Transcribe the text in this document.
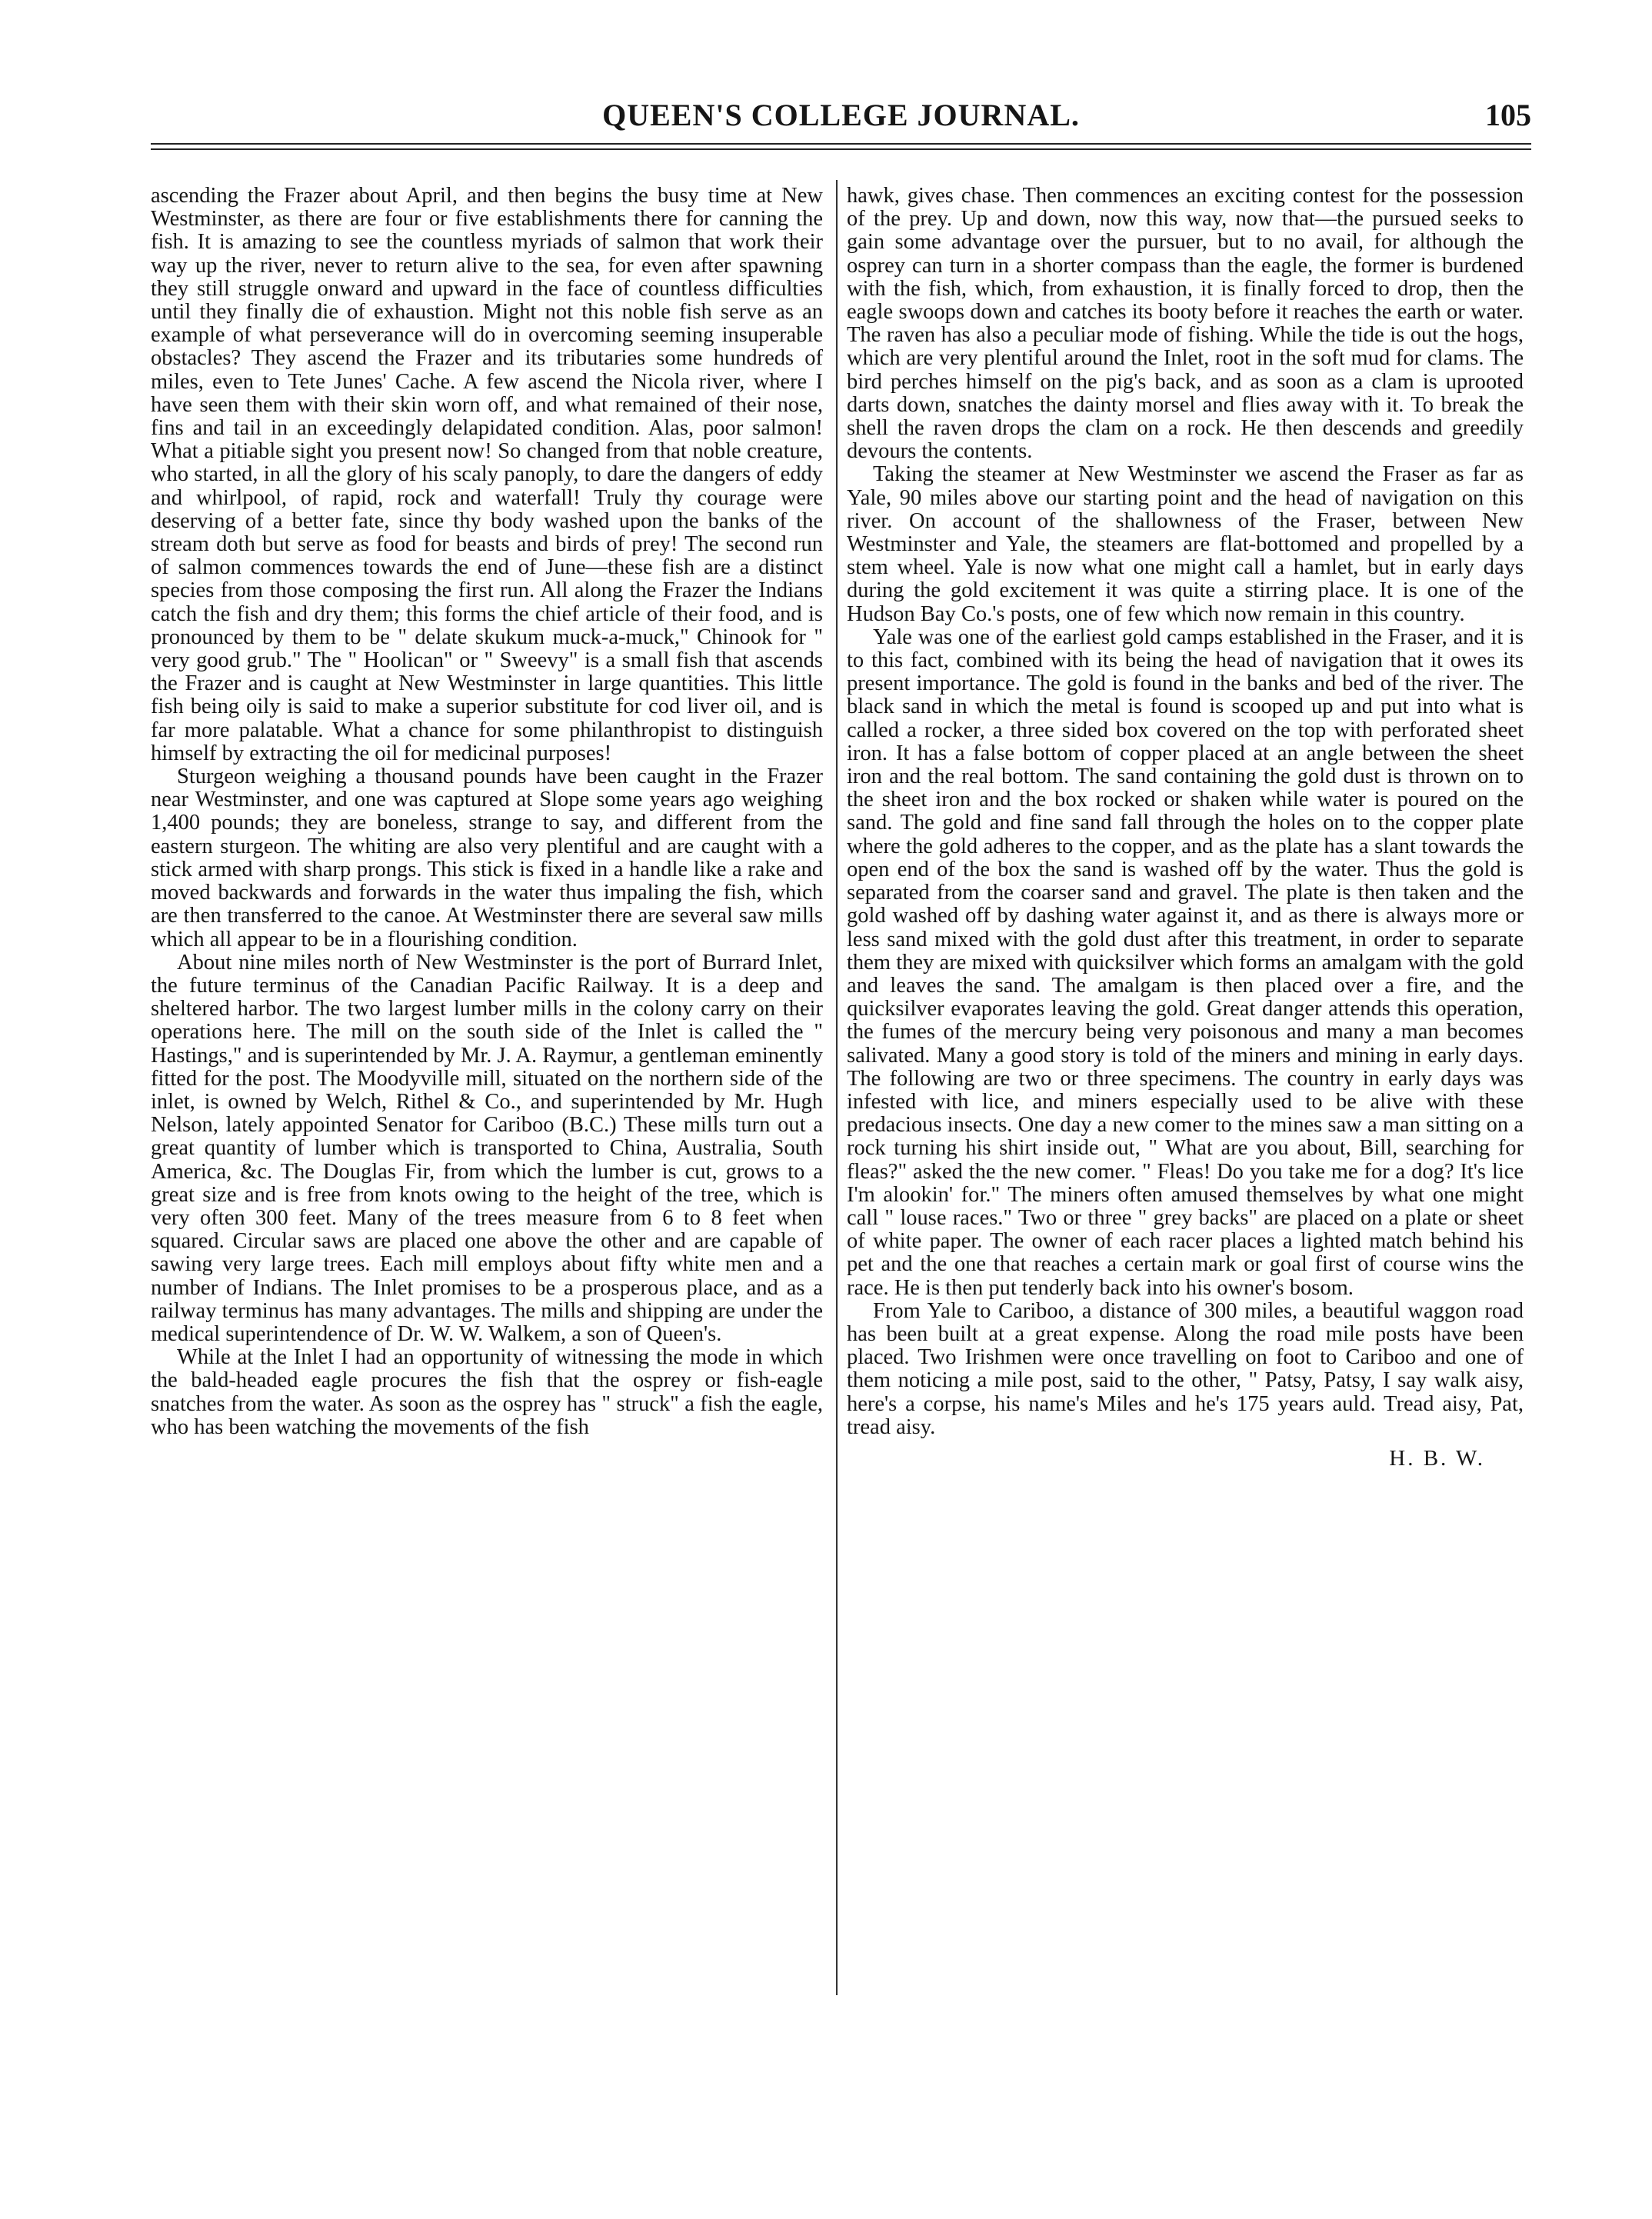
QUEEN'S COLLEGE JOURNAL.	105

ascending the Frazer about April, and then begins the busy time at New Westminster, as there are four or five establishments there for canning the fish. It is amazing to see the countless myriads of salmon that work their way up the river, never to return alive to the sea, for even after spawning they still struggle onward and upward in the face of countless difficulties until they finally die of exhaustion. Might not this noble fish serve as an example of what perseverance will do in overcoming seeming insuperable obstacles? They ascend the Frazer and its tributaries some hundreds of miles, even to Tete Junes' Cache. A few ascend the Nicola river, where I have seen them with their skin worn off, and what remained of their nose, fins and tail in an exceedingly delapidated condition. Alas, poor salmon! What a pitiable sight you present now! So changed from that noble creature, who started, in all the glory of his scaly panoply, to dare the dangers of eddy and whirlpool, of rapid, rock and waterfall! Truly thy courage were deserving of a better fate, since thy body washed upon the banks of the stream doth but serve as food for beasts and birds of prey! The second run of salmon commences towards the end of June—these fish are a distinct species from those composing the first run. All along the Frazer the Indians catch the fish and dry them; this forms the chief article of their food, and is pronounced by them to be " delate skukum muck-a-muck," Chinook for " very good grub." The " Hoolican" or " Sweevy" is a small fish that ascends the Frazer and is caught at New Westminster in large quantities. This little fish being oily is said to make a superior substitute for cod liver oil, and is far more palatable. What a chance for some philanthropist to distinguish himself by extracting the oil for medicinal purposes!

Sturgeon weighing a thousand pounds have been caught in the Frazer near Westminster, and one was captured at Slope some years ago weighing 1,400 pounds; they are boneless, strange to say, and different from the eastern sturgeon. The whiting are also very plentiful and are caught with a stick armed with sharp prongs. This stick is fixed in a handle like a rake and moved backwards and forwards in the water thus impaling the fish, which are then transferred to the canoe. At Westminster there are several saw mills which all appear to be in a flourishing condition.

About nine miles north of New Westminster is the port of Burrard Inlet, the future terminus of the Canadian Pacific Railway. It is a deep and sheltered harbor. The two largest lumber mills in the colony carry on their operations here. The mill on the south side of the Inlet is called the " Hastings," and is superintended by Mr. J. A. Raymur, a gentleman eminently fitted for the post. The Moodyville mill, situated on the northern side of the inlet, is owned by Welch, Rithel & Co., and superintended by Mr. Hugh Nelson, lately appointed Senator for Cariboo (B.C.) These mills turn out a great quantity of lumber which is transported to China, Australia, South America, &c. The Douglas Fir, from which the lumber is cut, grows to a great size and is free from knots owing to the height of the tree, which is very often 300 feet. Many of the trees measure from 6 to 8 feet when squared. Circular saws are placed one above the other and are capable of sawing very large trees. Each mill employs about fifty white men and a number of Indians. The Inlet promises to be a prosperous place, and as a railway terminus has many advantages. The mills and shipping are under the medical superintendence of Dr. W. W. Walkem, a son of Queen's.

While at the Inlet I had an opportunity of witnessing the mode in which the bald-headed eagle procures the fish that the osprey or fish-eagle snatches from the water. As soon as the osprey has " struck" a fish the eagle, who has been watching the movements of the fish

hawk, gives chase. Then commences an exciting contest for the possession of the prey. Up and down, now this way, now that—the pursued seeks to gain some advantage over the pursuer, but to no avail, for although the osprey can turn in a shorter compass than the eagle, the former is burdened with the fish, which, from exhaustion, it is finally forced to drop, then the eagle swoops down and catches its booty before it reaches the earth or water. The raven has also a peculiar mode of fishing. While the tide is out the hogs, which are very plentiful around the Inlet, root in the soft mud for clams. The bird perches himself on the pig's back, and as soon as a clam is uprooted darts down, snatches the dainty morsel and flies away with it. To break the shell the raven drops the clam on a rock. He then descends and greedily devours the contents.

Taking the steamer at New Westminster we ascend the Fraser as far as Yale, 90 miles above our starting point and the head of navigation on this river. On account of the shallowness of the Fraser, between New Westminster and Yale, the steamers are flat-bottomed and propelled by a stem wheel. Yale is now what one might call a hamlet, but in early days during the gold excitement it was quite a stirring place. It is one of the Hudson Bay Co.'s posts, one of few which now remain in this country.

Yale was one of the earliest gold camps established in the Fraser, and it is to this fact, combined with its being the head of navigation that it owes its present importance. The gold is found in the banks and bed of the river. The black sand in which the metal is found is scooped up and put into what is called a rocker, a three sided box covered on the top with perforated sheet iron. It has a false bottom of copper placed at an angle between the sheet iron and the real bottom. The sand containing the gold dust is thrown on to the sheet iron and the box rocked or shaken while water is poured on the sand. The gold and fine sand fall through the holes on to the copper plate where the gold adheres to the copper, and as the plate has a slant towards the open end of the box the sand is washed off by the water. Thus the gold is separated from the coarser sand and gravel. The plate is then taken and the gold washed off by dashing water against it, and as there is always more or less sand mixed with the gold dust after this treatment, in order to separate them they are mixed with quicksilver which forms an amalgam with the gold and leaves the sand. The amalgam is then placed over a fire, and the quicksilver evaporates leaving the gold. Great danger attends this operation, the fumes of the mercury being very poisonous and many a man becomes salivated. Many a good story is told of the miners and mining in early days. The following are two or three specimens. The country in early days was infested with lice, and miners especially used to be alive with these predacious insects. One day a new comer to the mines saw a man sitting on a rock turning his shirt inside out, " What are you about, Bill, searching for fleas?" asked the the new comer. " Fleas! Do you take me for a dog? It's lice I'm alookin' for." The miners often amused themselves by what one might call " louse races." Two or three " grey backs" are placed on a plate or sheet of white paper. The owner of each racer places a lighted match behind his pet and the one that reaches a certain mark or goal first of course wins the race. He is then put tenderly back into his owner's bosom.

From Yale to Cariboo, a distance of 300 miles, a beautiful waggon road has been built at a great expense. Along the road mile posts have been placed. Two Irishmen were once travelling on foot to Cariboo and one of them noticing a mile post, said to the other, " Patsy, Patsy, I say walk aisy, here's a corpse, his name's Miles and he's 175 years auld. Tread aisy, Pat, tread aisy.

H. B. W.
